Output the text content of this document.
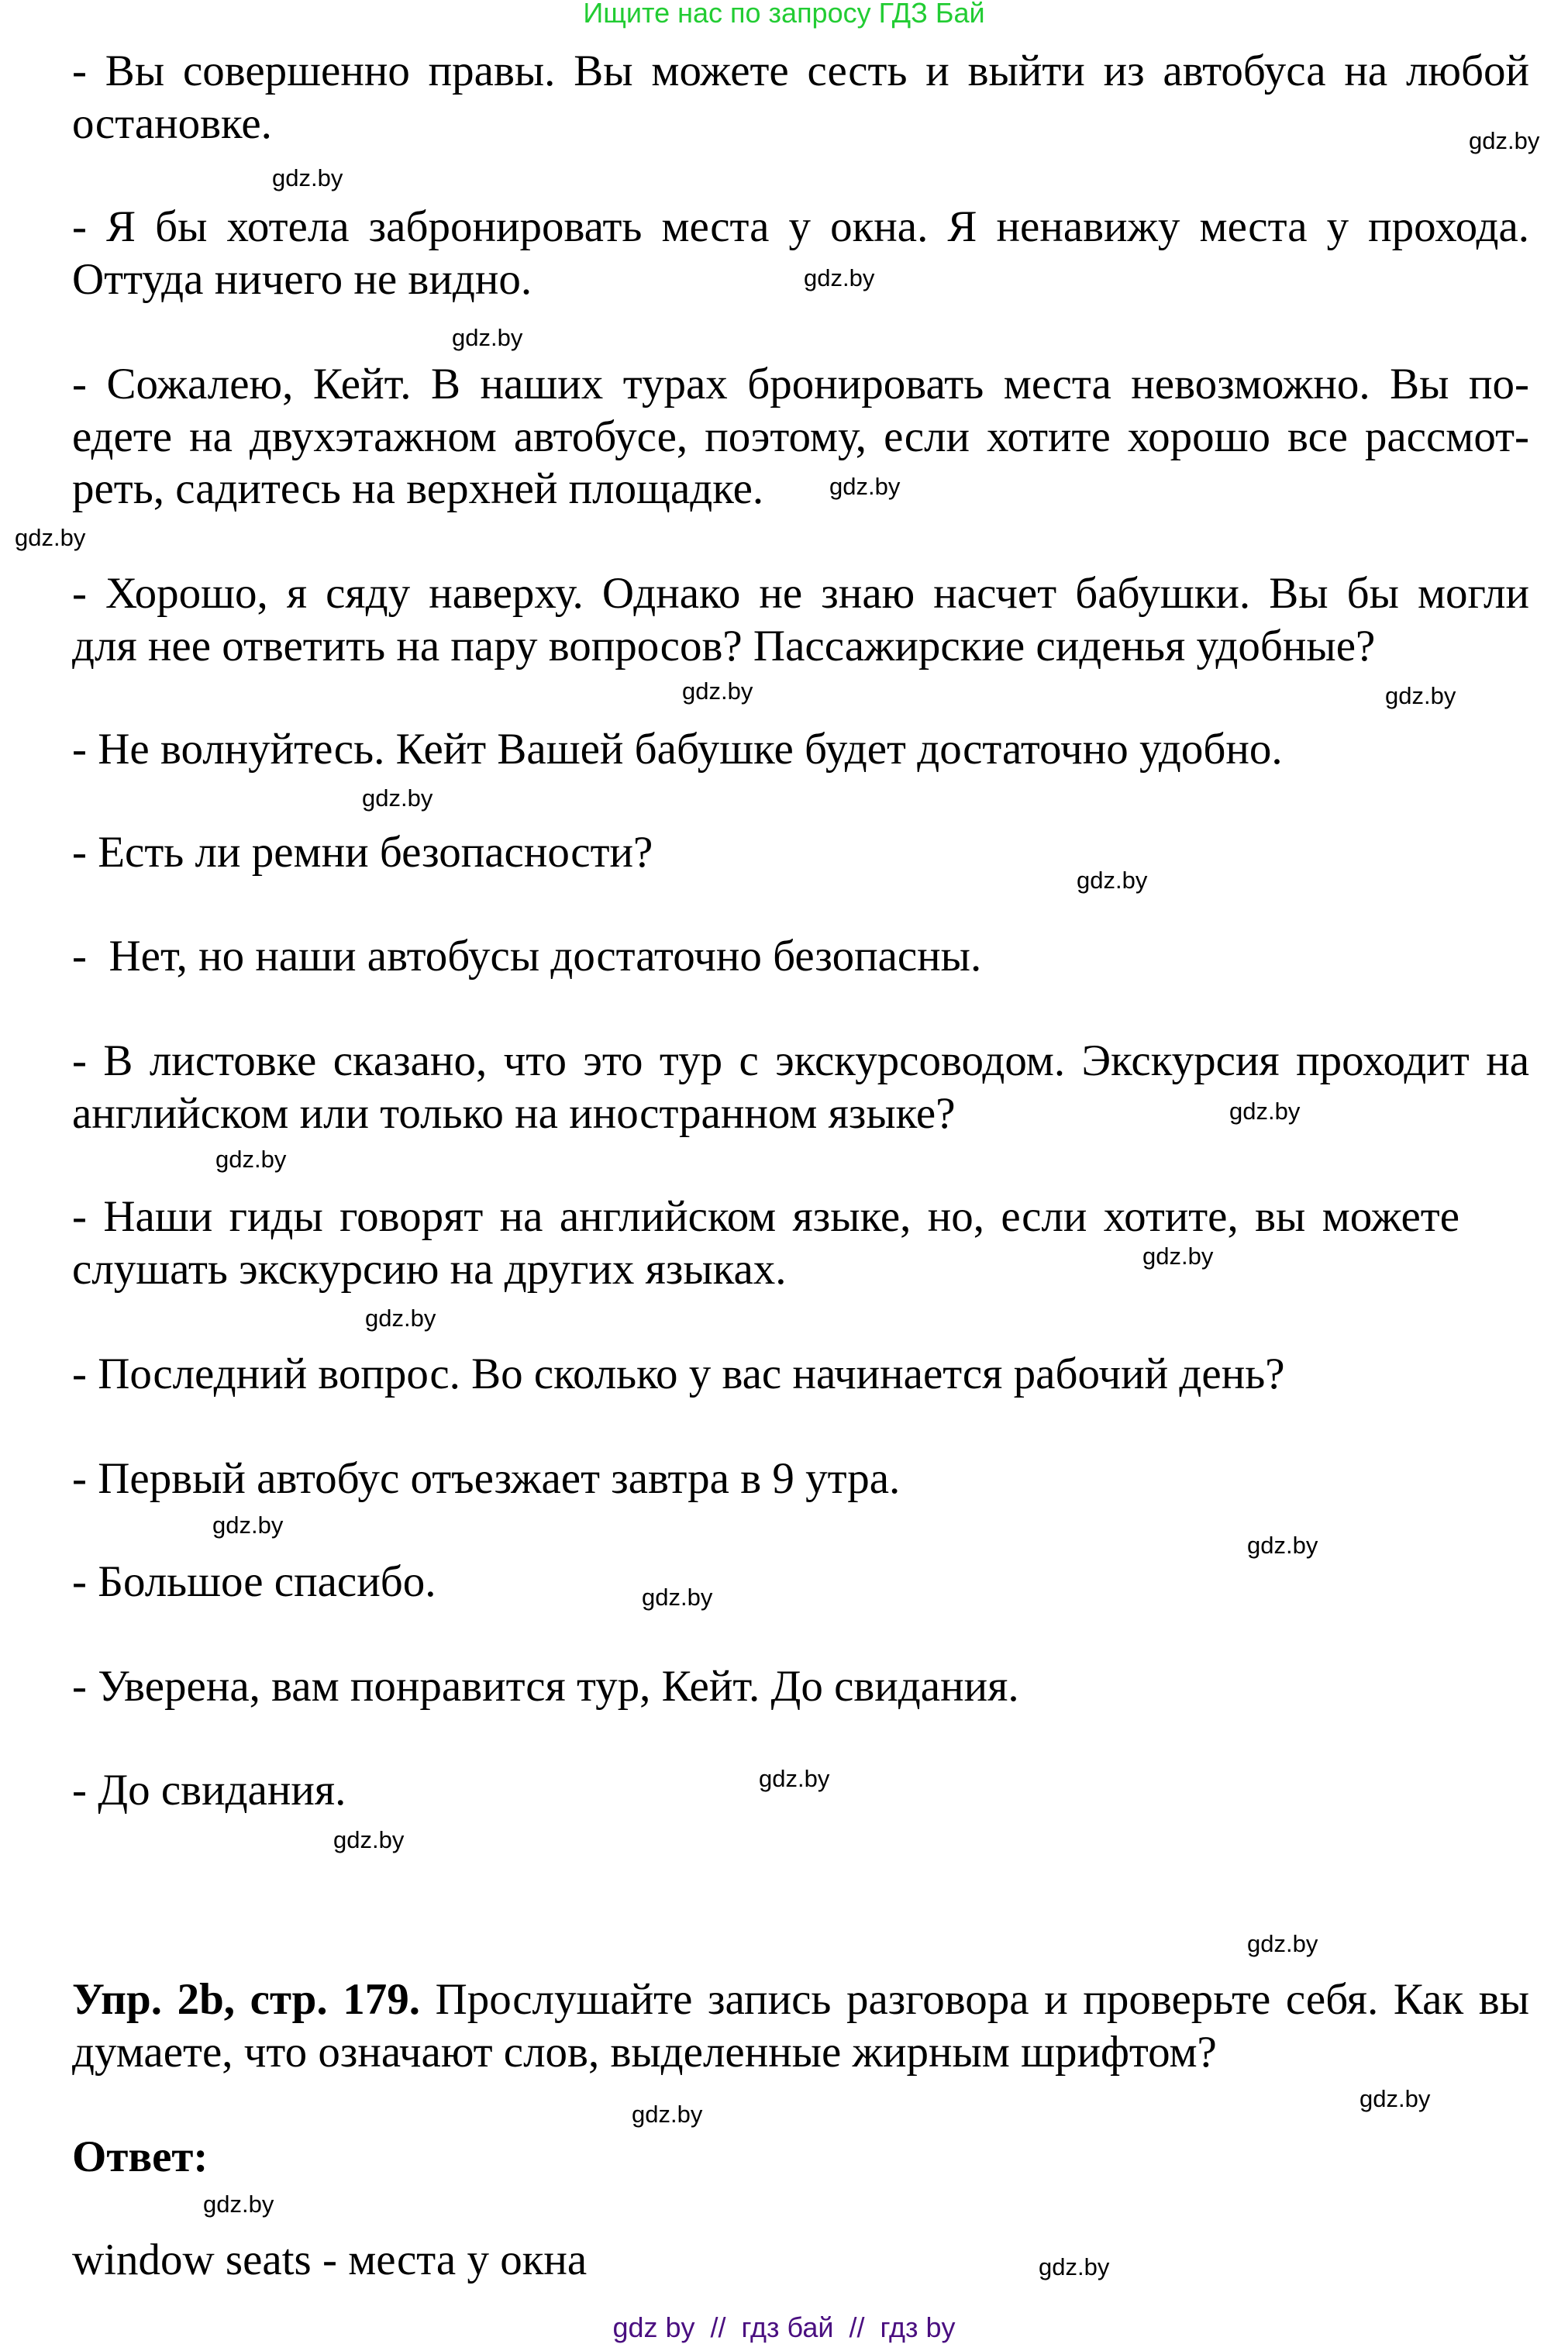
Ищите нас по запросу ГДЗ Бай
- Вы совершенно правы. Вы можете сесть и выйти из автобуса на любой
остановке.
- Я бы хотела забронировать места у окна. Я ненавижу места у прохода.
Оттуда ничего не видно.
- Сожалею, Кейт. В наших турах бронировать места невозможно. Вы по-
едете на двухэтажном автобусе, поэтому, если хотите хорошо все рассмот-
реть, садитесь на верхней площадке.
- Хорошо, я сяду наверху. Однако не знаю насчет бабушки. Вы бы могли
для нее ответить на пару вопросов? Пассажирские сиденья удобные?
- Не волнуйтесь. Кейт Вашей бабушке будет достаточно удобно.
- Есть ли ремни безопасности?
-  Нет, но наши автобусы достаточно безопасны.
- В листовке сказано, что это тур с экскурсоводом. Экскурсия проходит на
английском или только на иностранном языке?
- Наши гиды говорят на английском языке, но, если хотите, вы можете
слушать экскурсию на других языках.
- Последний вопрос. Во сколько у вас начинается рабочий день?
- Первый автобус отъезжает завтра в 9 утра.
- Большое спасибо.
- Уверена, вам понравится тур, Кейт. До свидания.
- До свидания.
Упр. 2b, стр. 179. Прослушайте запись разговора и проверьте себя. Как вы
думаете, что означают слов, выделенные жирным шрифтом?
Ответ:
window seats - места у окна
gdz.by
gdz.by
gdz.by
gdz.by
gdz.by
gdz.by
gdz.by	gdz.by
gdz.by
gdz.by
gdz.by
gdz.by
gdz.by
gdz.by
gdz.by
gdz.by
gdz.by
gdz.by
gdz.by
gdz.by
gdz.by
gdz.by
gdz.by
gdz.by
gdz by  //  гдз бай  //  гдз by
